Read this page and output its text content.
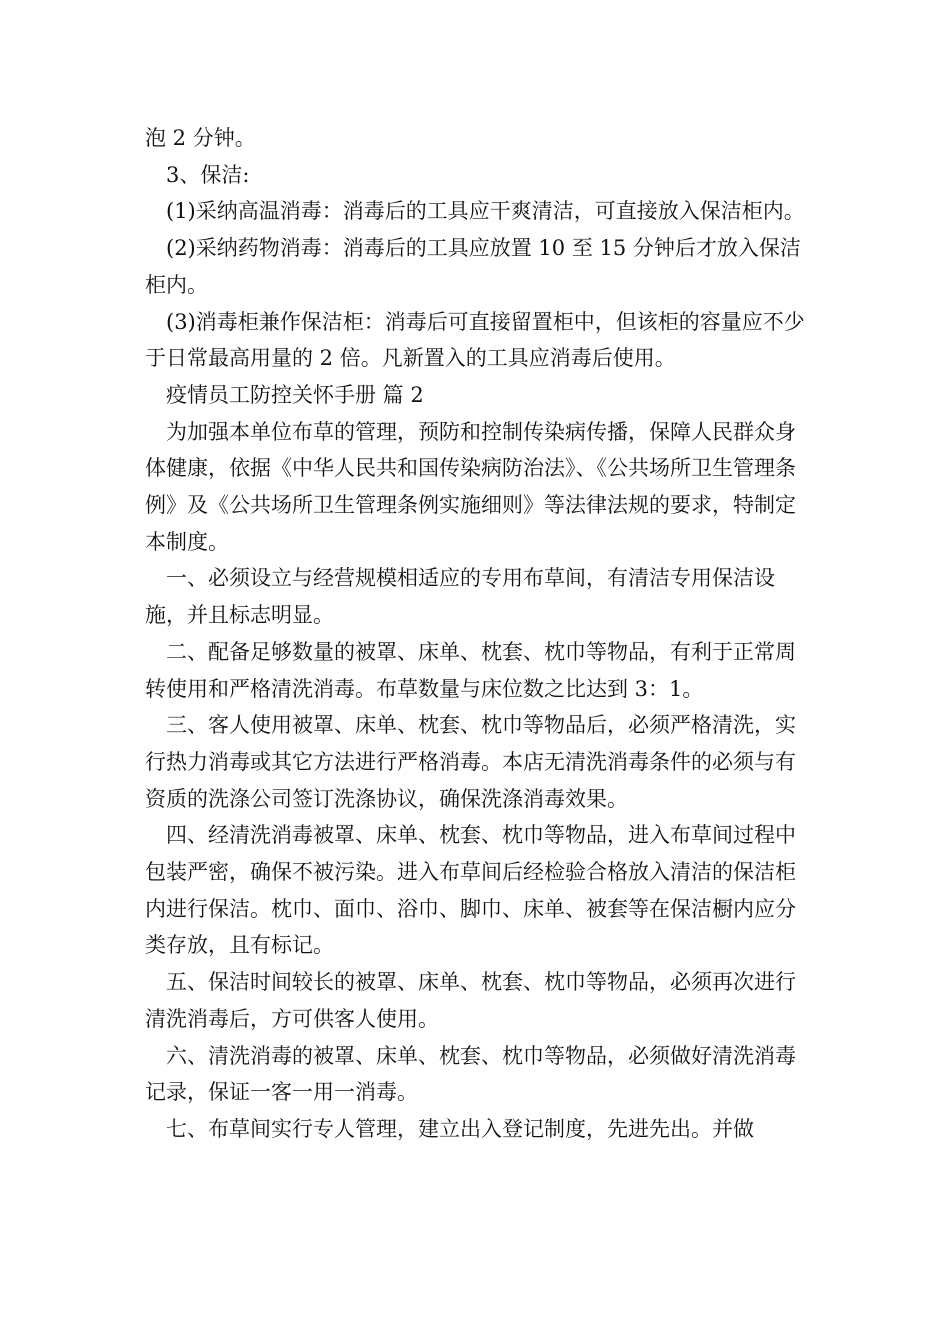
泡 2 分钟。

3、保洁:

(1)采纳高温消毒：消毒后的工具应干爽清洁，可直接放入保洁柜内。

(2)采纳药物消毒：消毒后的工具应放置 10 至 15 分钟后才放入保洁柜内。

(3)消毒柜兼作保洁柜：消毒后可直接留置柜中，但该柜的容量应不少于日常最高用量的 2 倍。凡新置入的工具应消毒后使用。

疫情员工防控关怀手册 篇 2

为加强本单位布草的管理，预防和控制传染病传播，保障人民群众身体健康，依据《中华人民共和国传染病防治法》、《公共场所卫生管理条例》及《公共场所卫生管理条例实施细则》等法律法规的要求，特制定本制度。

一、必须设立与经营规模相适应的专用布草间，有清洁专用保洁设施，并且标志明显。

二、配备足够数量的被罩、床单、枕套、枕巾等物品，有利于正常周转使用和严格清洗消毒。布草数量与床位数之比达到 3：1。

三、客人使用被罩、床单、枕套、枕巾等物品后，必须严格清洗，实行热力消毒或其它方法进行严格消毒。本店无清洗消毒条件的必须与有资质的洗涤公司签订洗涤协议，确保洗涤消毒效果。

四、经清洗消毒被罩、床单、枕套、枕巾等物品，进入布草间过程中包装严密，确保不被污染。进入布草间后经检验合格放入清洁的保洁柜内进行保洁。枕巾、面巾、浴巾、脚巾、床单、被套等在保洁橱内应分类存放，且有标记。

五、保洁时间较长的被罩、床单、枕套、枕巾等物品，必须再次进行清洗消毒后，方可供客人使用。

六、清洗消毒的被罩、床单、枕套、枕巾等物品，必须做好清洗消毒记录，保证一客一用一消毒。

七、布草间实行专人管理，建立出入登记制度，先进先出。并做
